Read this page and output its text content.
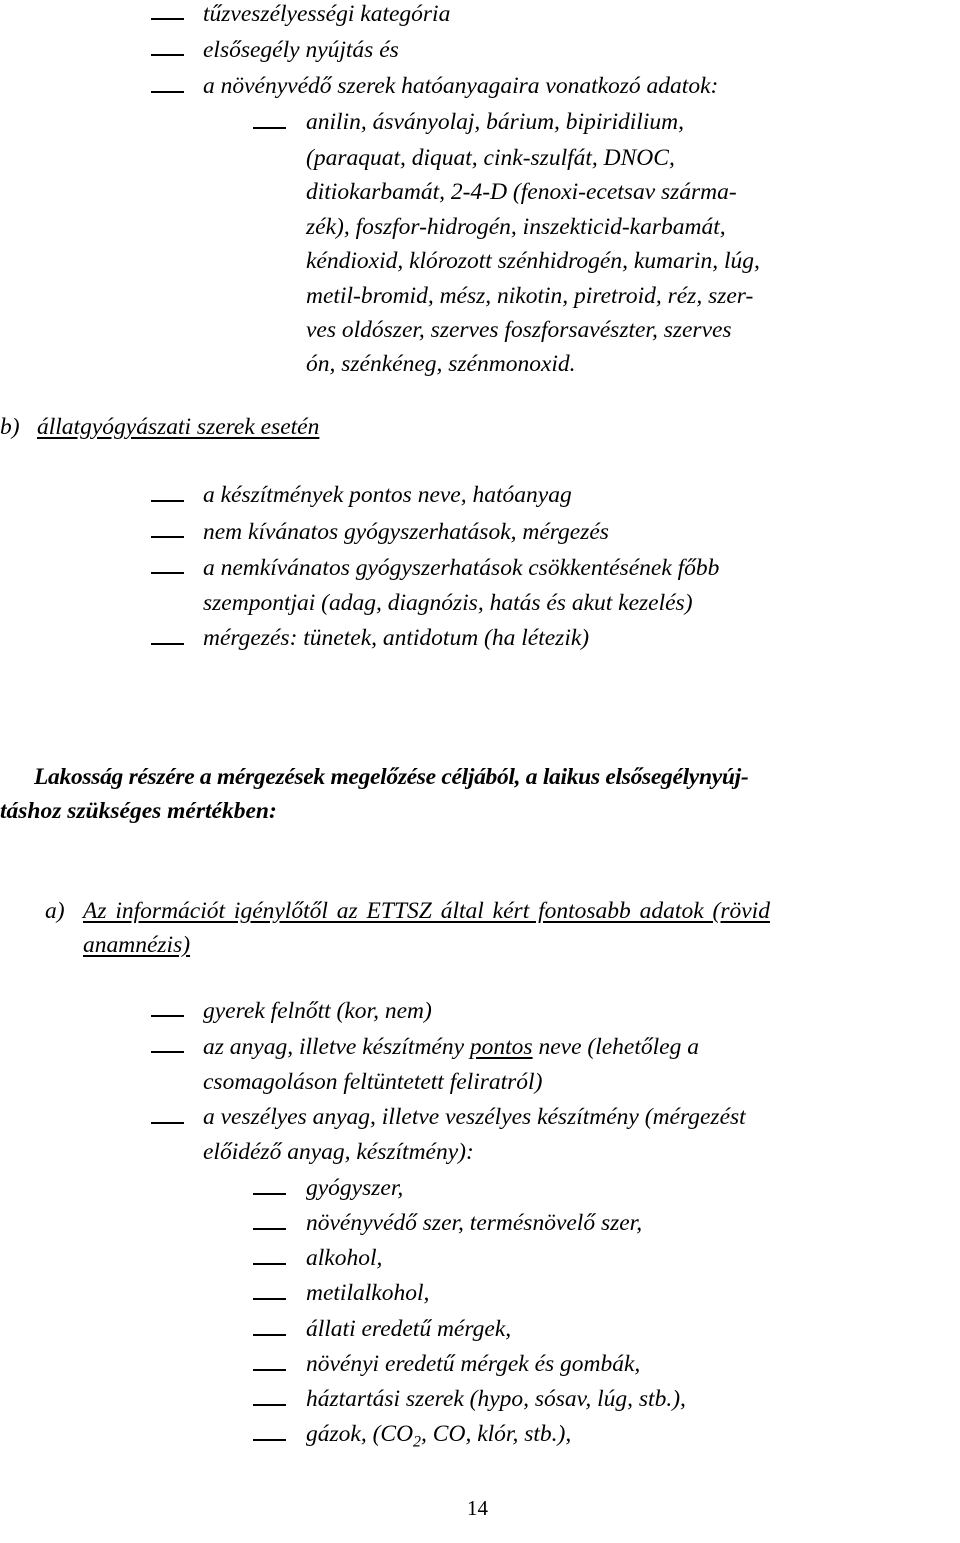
tűzveszélyességi kategória
elsősegély nyújtás és
a növényvédő szerek hatóanyagaira vonatkozó adatok:
anilin, ásványolaj, bárium, bipiridilium,
(paraquat, diquat, cink-szulfát, DNOC,
ditiokarbamát, 2-4-D (fenoxi-ecetsav szárma-
zék), foszfor-hidrogén, inszekticid-karbamát,
kéndioxid, klórozott szénhidrogén, kumarin, lúg,
metil-bromid, mész, nikotin, piretroid, réz, szer-
ves oldószer, szerves foszforsavészter, szerves
ón, szénkéneg, szénmonoxid.
b) állatgyógyászati szerek esetén
a készítmények pontos neve, hatóanyag
nem kívánatos gyógyszerhatások, mérgezés
a nemkívánatos gyógyszerhatások csökkentésének főbb
szempontjai (adag, diagnózis, hatás és akut kezelés)
mérgezés: tünetek, antidotum (ha létezik)
Lakosság részére a mérgezések megelőzése céljából, a laikus elsősegélynyúj-
táshoz szükséges mértékben:
a) Az információt igénylőtől az ETTSZ által kért fontosabb adatok (rövid
anamnézis)
gyerek felnőtt (kor, nem)
az anyag, illetve készítmény pontos neve (lehetőleg a
csomagoláson feltüntetett feliratról)
a veszélyes anyag, illetve veszélyes készítmény (mérgezést
előidéző anyag, készítmény):
gyógyszer,
növényvédő szer, termésnövelő szer,
alkohol,
metilalkohol,
állati eredetű mérgek,
növényi eredetű mérgek és gombák,
háztartási szerek (hypo, sósav, lúg, stb.),
gázok, ($CO_2$, CO, klór, stb.),
14
